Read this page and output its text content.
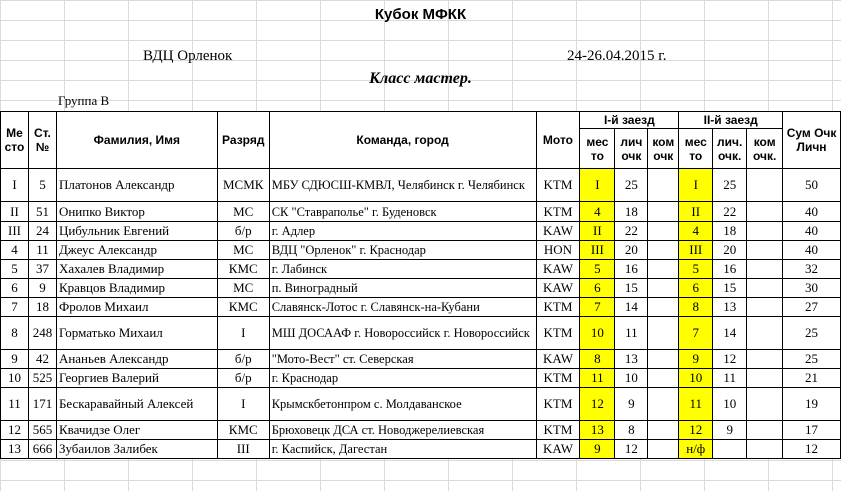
Кубок МФКК
ВДЦ Орленок	24-26.04.2015 г.
Класс мастер.
Группа В
Ме сто	Ст. №	Фамилия, Имя	Разряд	Команда, город	Мото	I-й заезд			II-й заезд			Сум Очк Личн
						мес то	лич очк	ком очк	мес то	лич. очк.	ком очк.	
I	5	Платонов Александр	МСМК	МБУ СДЮСШ-КМВЛ, Челябинск г. Челябинск	KTM	I	25		I	25		50
II	51	Онипко Виктор	МС	СК "Ставраполье" г. Буденовск	KTM	4	18		II	22		40
III	24	Цибульник Евгений	б/р	г. Адлер	KAW	II	22		4	18		40
4	11	Джеус Александр	МС	ВДЦ "Орленок" г. Краснодар	HON	III	20		III	20		40
5	37	Хахалев Владимир	КМС	г. Лабинск	KAW	5	16		5	16		32
6	9	Кравцов Владимир	МС	п. Виноградный	KAW	6	15		6	15		30
7	18	Фролов Михаил	КМС	Славянск-Лотос г. Славянск-на-Кубани	KTM	7	14		8	13		27
8	248	Горматько Михаил	I	МШ ДОСААФ г. Новороссийск г. Новороссийск	KTM	10	11		7	14		25
9	42	Ананьев Александр	б/р	"Мото-Вест" ст. Северская	KAW	8	13		9	12		25
10	525	Георгиев Валерий	б/р	г. Краснодар	KTM	11	10		10	11		21
11	171	Бескаравайный Алексей	I	Крымскбетонпром с. Молдаванское	KTM	12	9		11	10		19
12	565	Квачидзе Олег	КМС	Брюховецк ДСА ст. Новоджерелиевская	KTM	13	8		12	9		17
13	666	Зубаилов Залибек	III	г. Каспийск, Дагестан	KAW	9	12		н/ф			12
